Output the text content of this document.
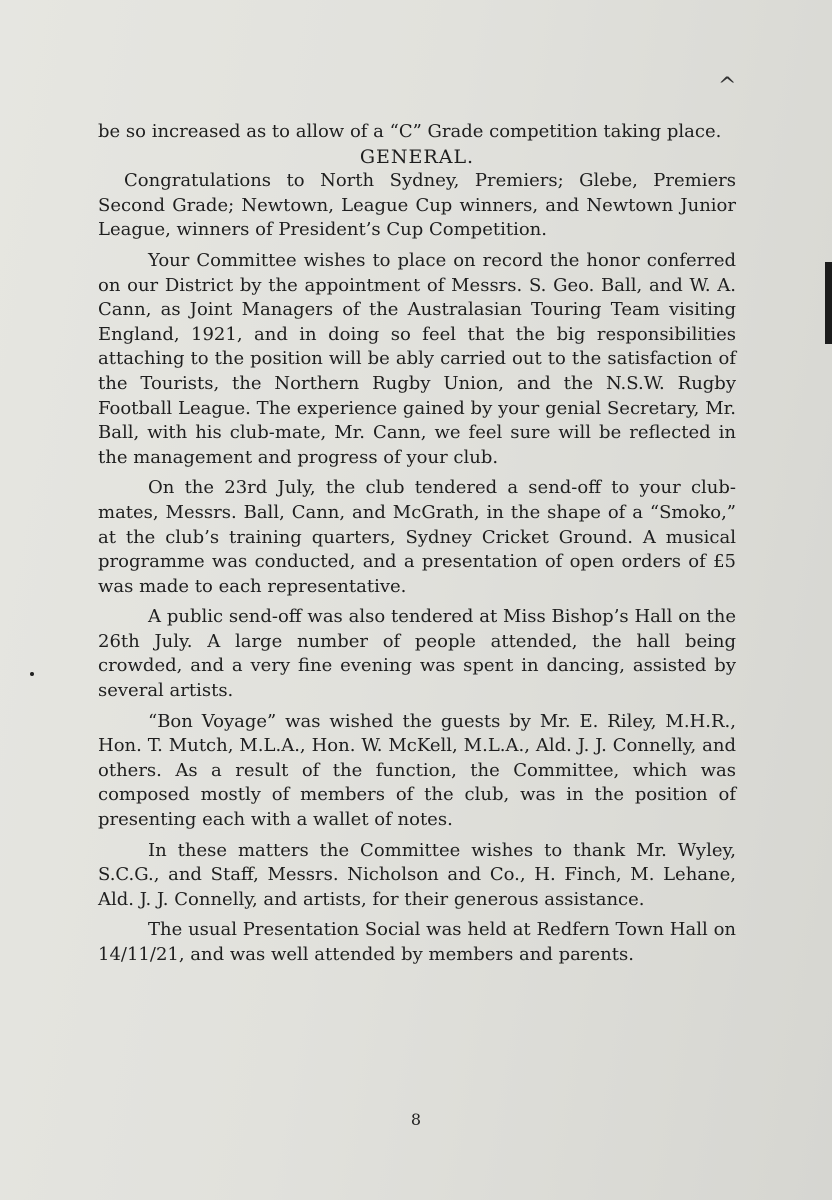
^

be so increased as to allow of a “C” Grade competition taking place.

GENERAL.

Congratulations to North Sydney, Premiers; Glebe, Premiers Second Grade; Newtown, League Cup winners, and Newtown Junior League, winners of President’s Cup Competition.

Your Committee wishes to place on record the honor conferred on our District by the appointment of Messrs. S. Geo. Ball, and W. A. Cann, as Joint Managers of the Australasian Touring Team visiting England, 1921, and in doing so feel that the big responsibilities attaching to the position will be ably carried out to the satisfaction of the Tourists, the Northern Rugby Union, and the N.S.W. Rugby Football League. The experience gained by your genial Secretary, Mr. Ball, with his club-mate, Mr. Cann, we feel sure will be reflected in the management and progress of your club.

On the 23rd July, the club tendered a send-off to your club-mates, Messrs. Ball, Cann, and McGrath, in the shape of a “Smoko,” at the club’s training quarters, Sydney Cricket Ground. A musical programme was conducted, and a presentation of open orders of £5 was made to each representative.

A public send-off was also tendered at Miss Bishop’s Hall on the 26th July. A large number of people attended, the hall being crowded, and a very fine evening was spent in dancing, assisted by several artists.

“Bon Voyage” was wished the guests by Mr. E. Riley, M.H.R., Hon. T. Mutch, M.L.A., Hon. W. McKell, M.L.A., Ald. J. J. Connelly, and others. As a result of the function, the Committee, which was composed mostly of members of the club, was in the position of presenting each with a wallet of notes.

In these matters the Committee wishes to thank Mr. Wyley, S.C.G., and Staff, Messrs. Nicholson and Co., H. Finch, M. Lehane, Ald. J. J. Connelly, and artists, for their generous assistance.

The usual Presentation Social was held at Redfern Town Hall on 14/11/21, and was well attended by members and parents.

8
